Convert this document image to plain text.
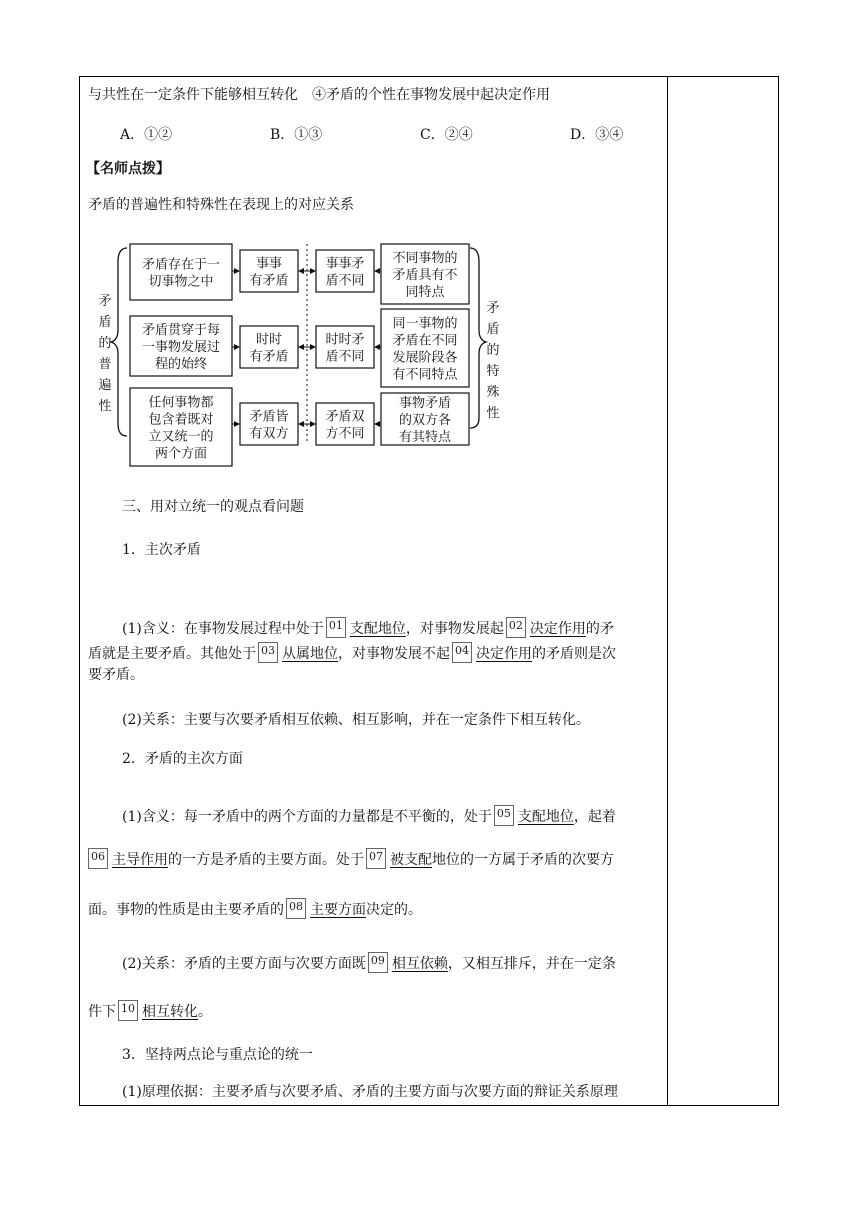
与共性在一定条件下能够相互转化　④矛盾的个性在事物发展中起决定作用
A．①②	B．①③	C．②④	D．③④
【名师点拨】
矛盾的普遍性和特殊性在表现上的对应关系
矛
盾
的
普
遍
性
矛
盾
的
特
殊
性
矛盾存在于一
切事物之中
事事
有矛盾
事事矛
盾不同
不同事物的
矛盾具有不
同特点
矛盾贯穿于每
一事物发展过
程的始终
时时
有矛盾
时时矛
盾不同
同一事物的
矛盾在不同
发展阶段各
有不同特点
任何事物都
包含着既对
立又统一的
两个方面
矛盾皆
有双方
矛盾双
方不同
事物矛盾
的双方各
有其特点
三、用对立统一的观点看问题
1．主次矛盾
(1)含义：在事物发展过程中处于 01 支配地位，对事物发展起 02 决定作用的矛
盾就是主要矛盾。其他处于 03 从属地位，对事物发展不起 04 决定作用的矛盾则是次
要矛盾。
(2)关系：主要与次要矛盾相互依赖、相互影响，并在一定条件下相互转化。
2．矛盾的主次方面
(1)含义：每一矛盾中的两个方面的力量都是不平衡的，处于 05 支配地位，起着
06 主导作用的一方是矛盾的主要方面。处于 07 被支配地位的一方属于矛盾的次要方
面。事物的性质是由主要矛盾的 08 主要方面决定的。
(2)关系：矛盾的主要方面与次要方面既 09 相互依赖，又相互排斥，并在一定条
件下 10 相互转化。
3．坚持两点论与重点论的统一
(1)原理依据：主要矛盾与次要矛盾、矛盾的主要方面与次要方面的辩证关系原理
